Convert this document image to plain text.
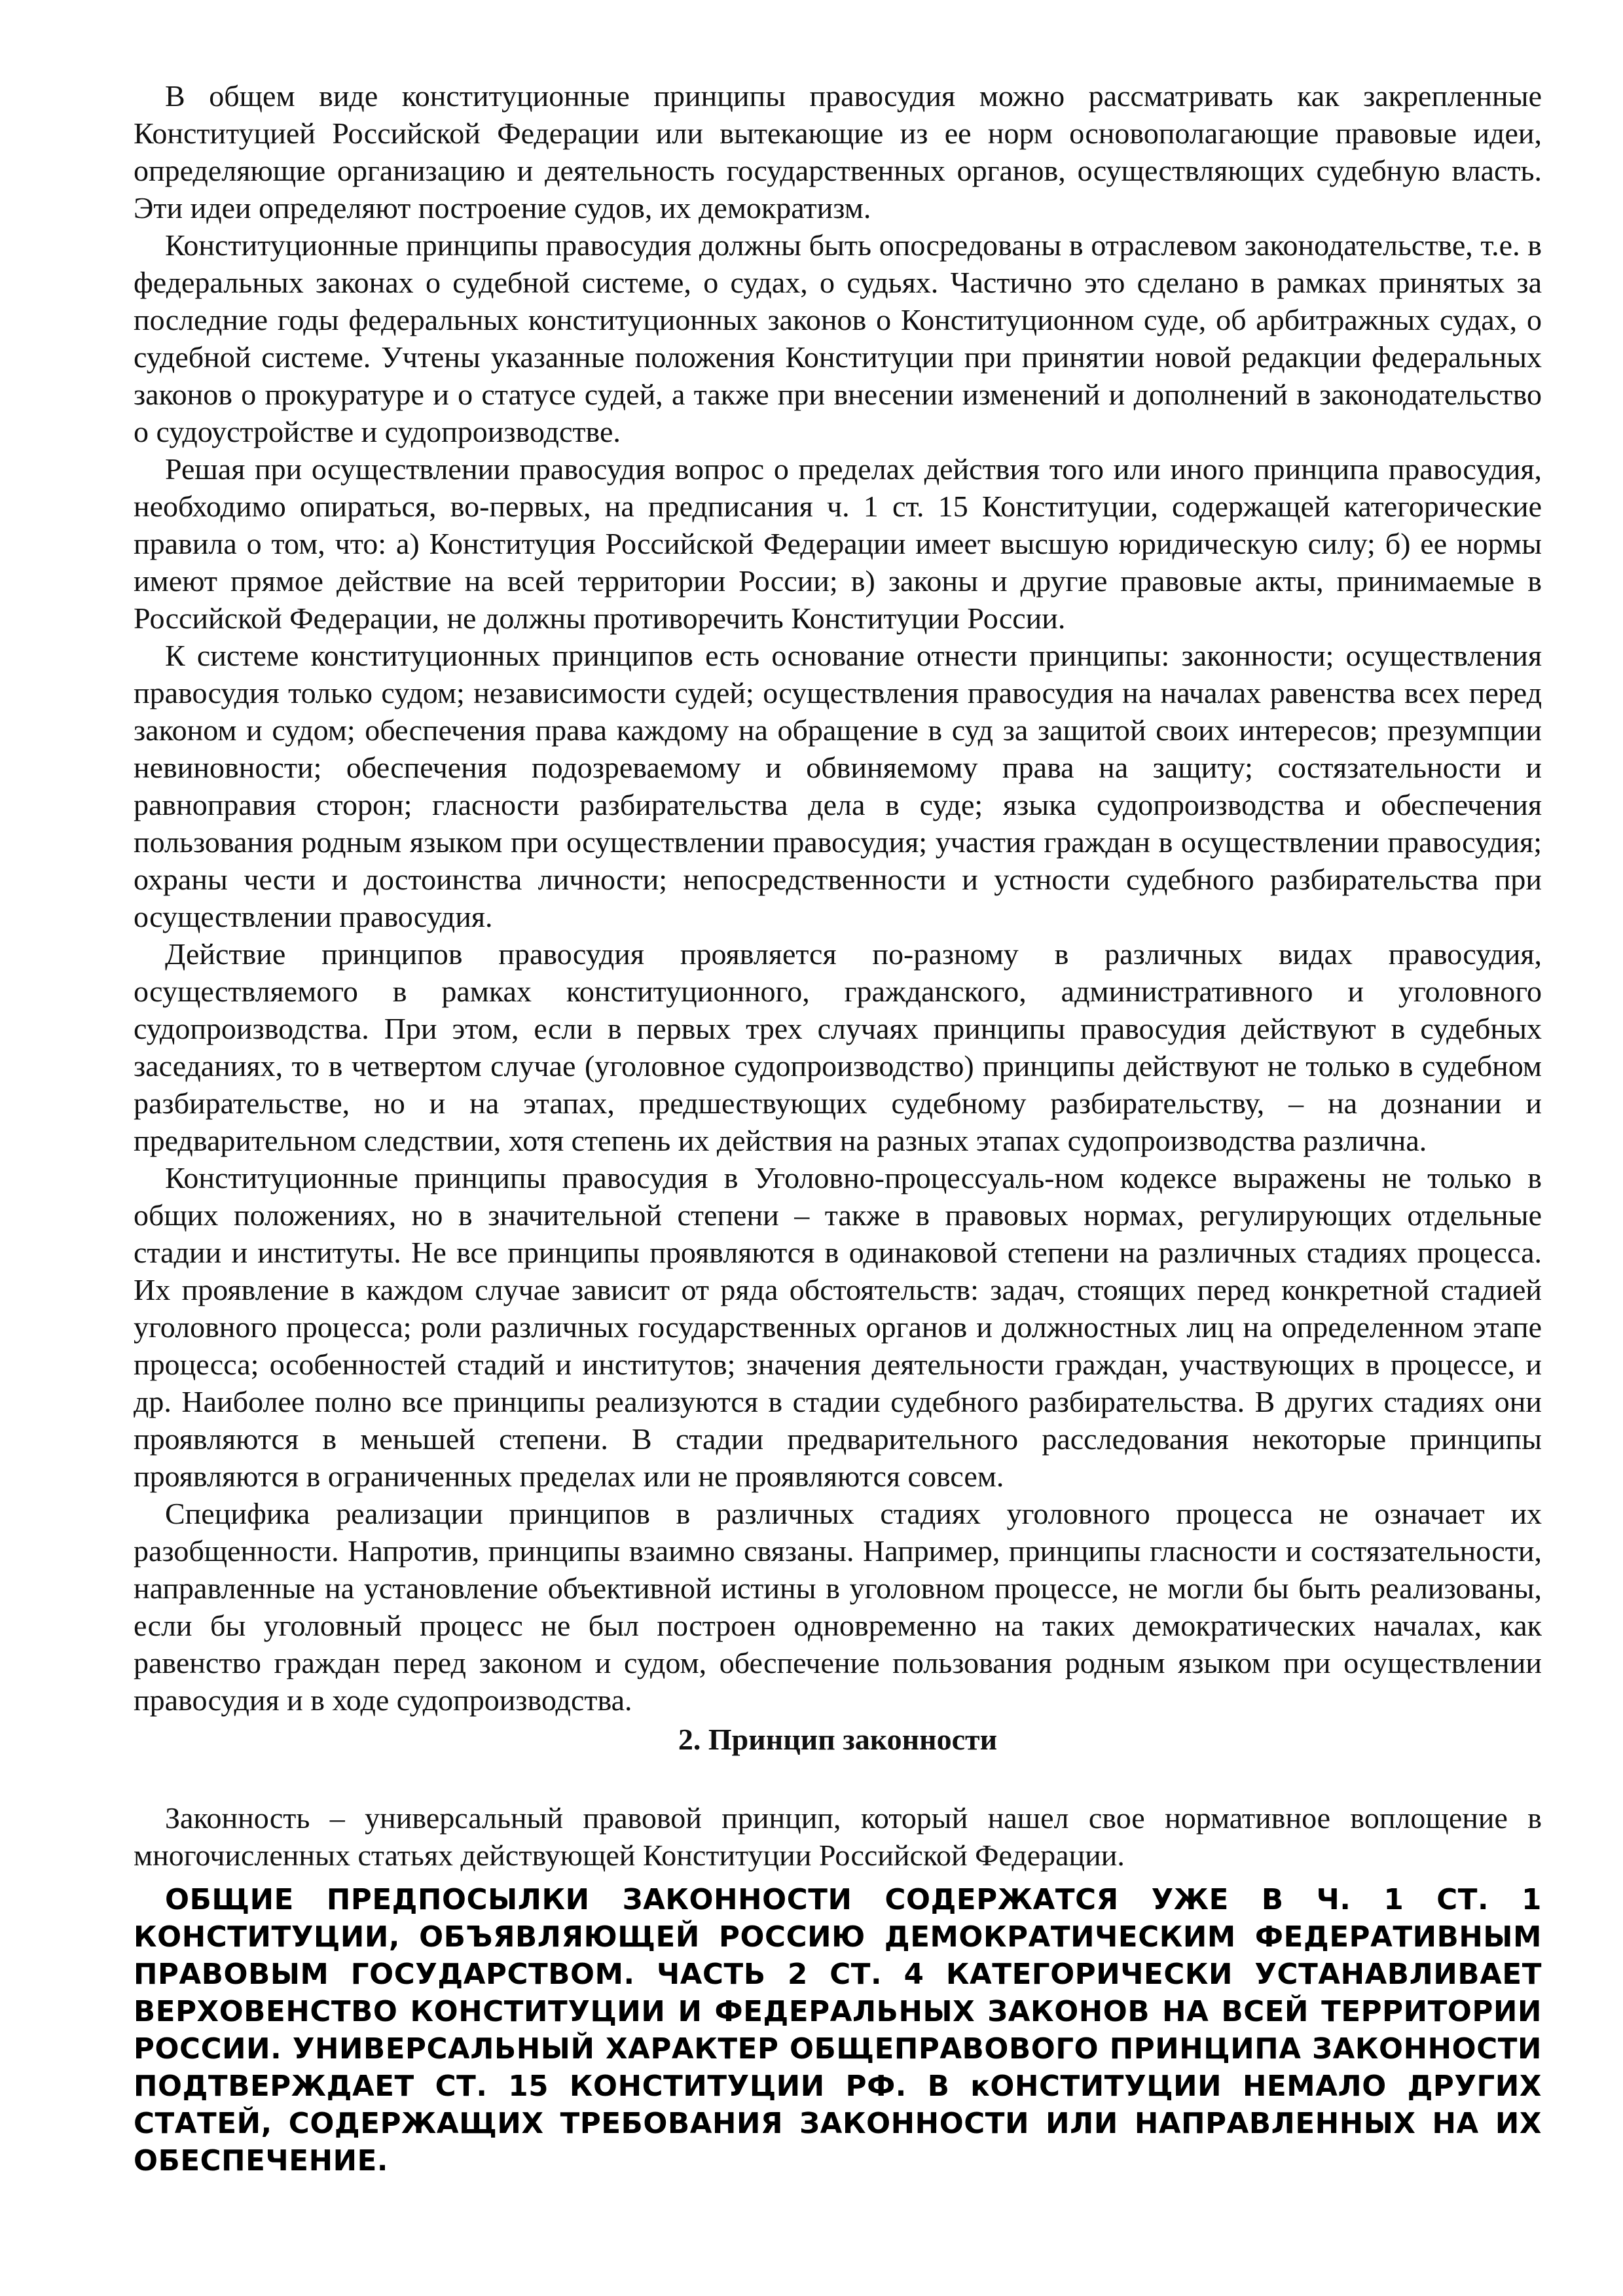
В общем виде конституционные принципы правосудия можно рассматривать как закрепленные Конституцией Российской Федерации или вытекающие из ее норм основополагающие правовые идеи, определяющие организацию и деятельность государственных органов, осуществляющих судебную власть. Эти идеи определяют построение судов, их демократизм.

Конституционные принципы правосудия должны быть опосредованы в отраслевом законодательстве, т.е. в федеральных законах о судебной системе, о судах, о судьях. Частично это сделано в рамках принятых за последние годы федеральных конституционных законов о Конституционном суде, об арбитражных судах, о судебной системе. Учтены указанные положения Конституции при принятии новой редакции федеральных законов о прокуратуре и о статусе судей, а также при внесении изменений и дополнений в законодательство о судоустройстве и судопроизводстве.

Решая при осуществлении правосудия вопрос о пределах действия того или иного принципа правосудия, необходимо опираться, во-первых, на предписания ч. 1 ст. 15 Конституции, содержащей категорические правила о том, что: а) Конституция Российской Федерации имеет высшую юридическую силу; б) ее нормы имеют прямое действие на всей территории России; в) законы и другие правовые акты, принимаемые в Российской Федерации, не должны противоречить Конституции России.

К системе конституционных принципов есть основание отнести принципы: законности; осуществления правосудия только судом; независимости судей; осуществления правосудия на началах равенства всех перед законом и судом; обеспечения права каждому на обращение в суд за защитой своих интересов; презумпции невиновности; обеспечения подозреваемому и обвиняемому права на защиту; состязательности и равноправия сторон; гласности разбирательства дела в суде; языка судопроизводства и обеспечения пользования родным языком при осуществлении правосудия; участия граждан в осуществлении правосудия; охраны чести и достоинства личности; непосредственности и устности судебного разбирательства при осуществлении правосудия.

Действие принципов правосудия проявляется по-разному в различных видах правосудия, осуществляемого в рамках конституционного, гражданского, административного и уголовного судопроизводства. При этом, если в первых трех случаях принципы правосудия действуют в судебных заседаниях, то в четвертом случае (уголовное судопроизводство) принципы действуют не только в судебном разбирательстве, но и на этапах, предшествующих судебному разбирательству, – на дознании и предварительном следствии, хотя степень их действия на разных этапах судопроизводства различна.

Конституционные принципы правосудия в Уголовно-процессуаль-ном кодексе выражены не только в общих положениях, но в значительной степени – также в правовых нормах, регулирующих отдельные стадии и институты. Не все принципы проявляются в одинаковой степени на различных стадиях процесса. Их проявление в каждом случае зависит от ряда обстоятельств: задач, стоящих перед конкретной стадией уголовного процесса; роли различных государственных органов и должностных лиц на определенном этапе процесса; особенностей стадий и институтов; значения деятельности граждан, участвующих в процессе, и др. Наиболее полно все принципы реализуются в стадии судебного разбирательства. В других стадиях они проявляются в меньшей степени. В стадии предварительного расследования некоторые принципы проявляются в ограниченных пределах или не проявляются совсем.

Специфика реализации принципов в различных стадиях уголовного процесса не означает их разобщенности. Напротив, принципы взаимно связаны. Например, принципы гласности и состязательности, направленные на установление объективной истины в уголовном процессе, не могли бы быть реализованы, если бы уголовный процесс не был построен одновременно на таких демократических началах, как равенство граждан перед законом и судом, обеспечение пользования родным языком при осуществлении правосудия и в ходе судопроизводства.

2. Принцип законности

Законность – универсальный правовой принцип, который нашел свое нормативное воплощение в многочисленных статьях действующей Конституции Российской Федерации.

ОБЩИЕ ПРЕДПОСЫЛКИ ЗАКОННОСТИ СОДЕРЖАТСЯ УЖЕ В Ч. 1 СТ. 1 КОНСТИТУЦИИ, ОБЪЯВЛЯЮЩЕЙ РОССИЮ ДЕМОКРАТИЧЕСКИМ ФЕДЕРАТИВНЫМ ПРАВОВЫМ ГОСУДАРСТВОМ. ЧАСТЬ 2 СТ. 4 КАТЕГОРИЧЕСКИ УСТАНАВЛИВАЕТ ВЕРХОВЕНСТВО КОНСТИТУЦИИ И ФЕДЕРАЛЬНЫХ ЗАКОНОВ НА ВСЕЙ ТЕРРИТОРИИ РОССИИ. УНИВЕРСАЛЬНЫЙ ХАРАКТЕР ОБЩЕПРАВОВОГО ПРИНЦИПА ЗАКОННОСТИ ПОДТВЕРЖДАЕТ СТ. 15 КОНСТИТУЦИИ РФ. В кОНСТИТУЦИИ НЕМАЛО ДРУГИХ СТАТЕЙ, СОДЕРЖАЩИХ ТРЕБОВАНИЯ ЗАКОННОСТИ ИЛИ НАПРАВЛЕННЫХ НА ИХ ОБЕСПЕЧЕНИЕ.
